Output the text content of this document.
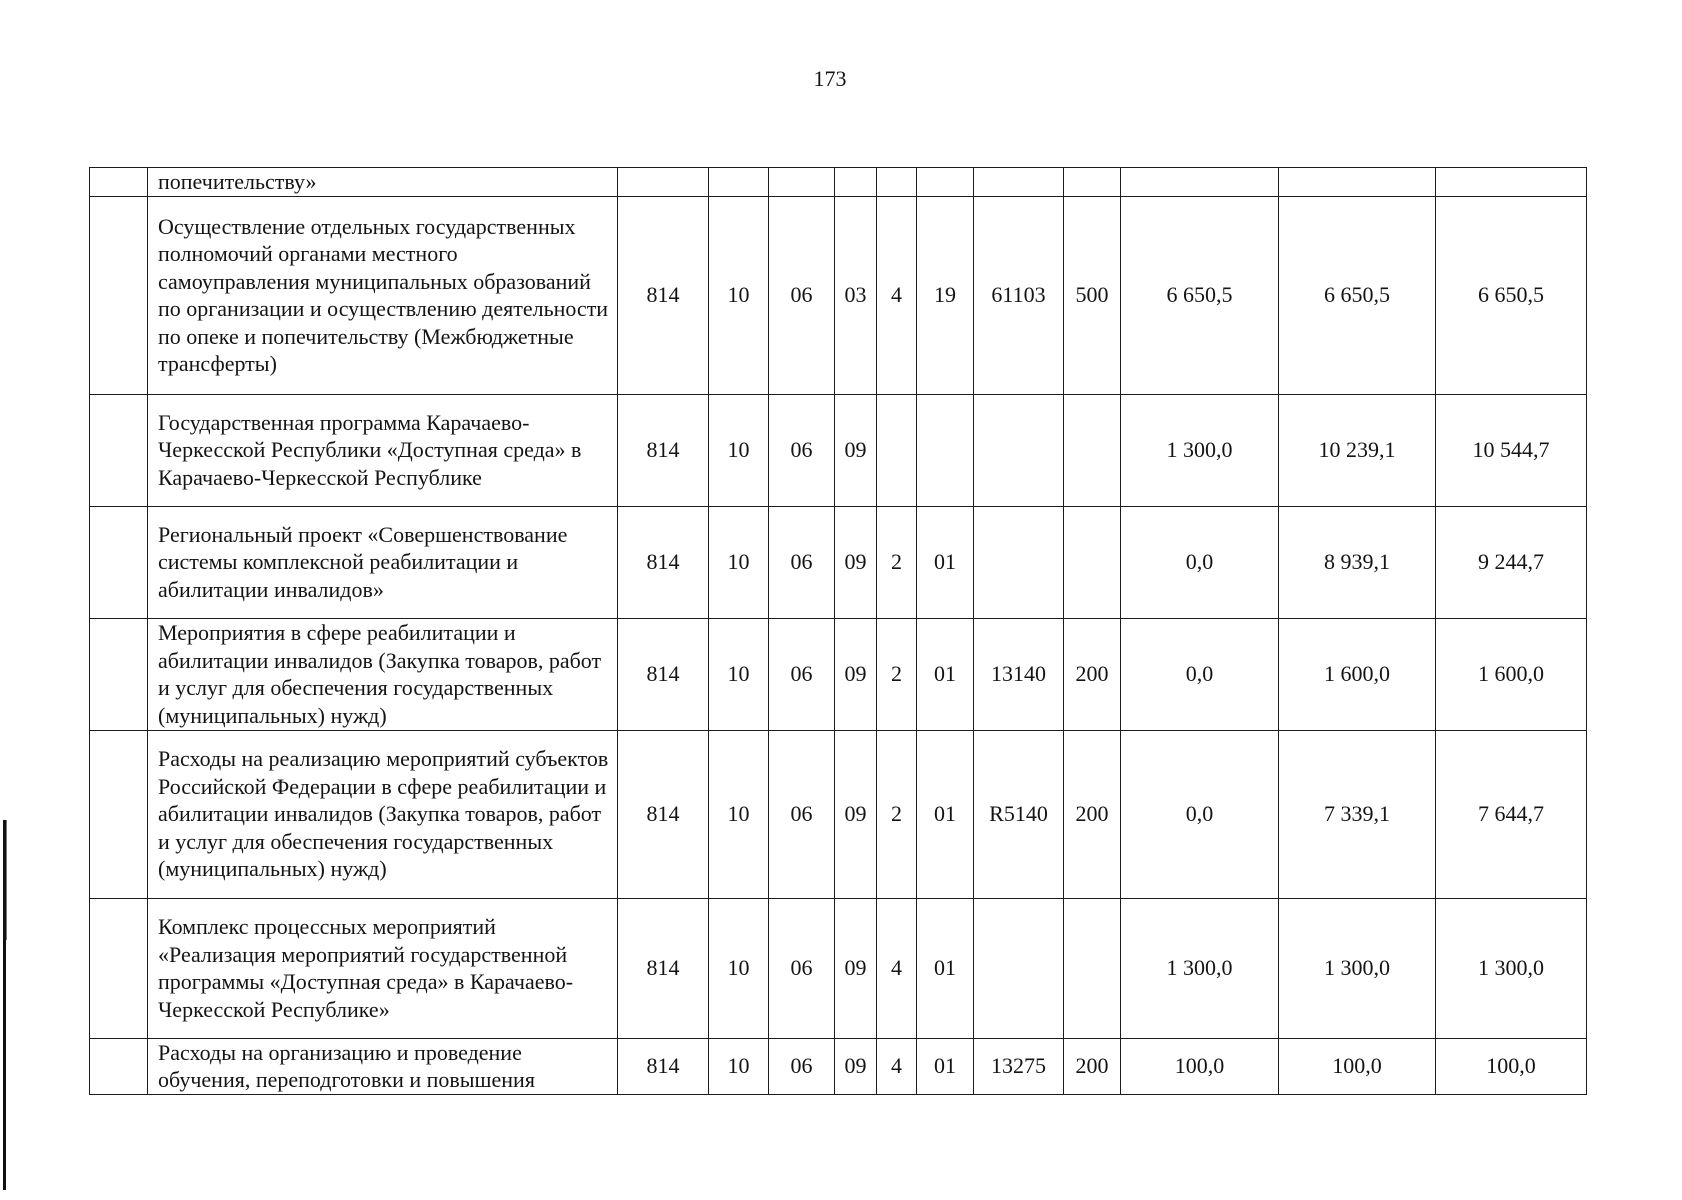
173
	попечительству»											
	Осуществление отдельных государственных полномочий органами местного самоуправления муниципальных образований по организации и осуществлению деятельности по опеке и попечительству (Межбюджетные трансферты)	814	10	06	03	4	19	61103	500	6 650,5	6 650,5	6 650,5
	Государственная программа Карачаево-Черкесской Республики «Доступная среда» в Карачаево-Черкесской Республике	814	10	06	09					1 300,0	10 239,1	10 544,7
	Региональный проект «Совершенствование системы комплексной реабилитации и абилитации инвалидов»	814	10	06	09	2	01			0,0	8 939,1	9 244,7
	Мероприятия в сфере реабилитации и абилитации инвалидов (Закупка товаров, работ и услуг для обеспечения государственных (муниципальных) нужд)	814	10	06	09	2	01	13140	200	0,0	1 600,0	1 600,0
	Расходы на реализацию мероприятий субъектов Российской Федерации в сфере реабилитации и абилитации инвалидов (Закупка товаров, работ и услуг для обеспечения государственных (муниципальных) нужд)	814	10	06	09	2	01	R5140	200	0,0	7 339,1	7 644,7
	Комплекс процессных мероприятий «Реализация мероприятий государственной программы «Доступная среда» в Карачаево-Черкесской Республике»	814	10	06	09	4	01			1 300,0	1 300,0	1 300,0
	Расходы на организацию и проведение обучения, переподготовки и повышения	814	10	06	09	4	01	13275	200	100,0	100,0	100,0
